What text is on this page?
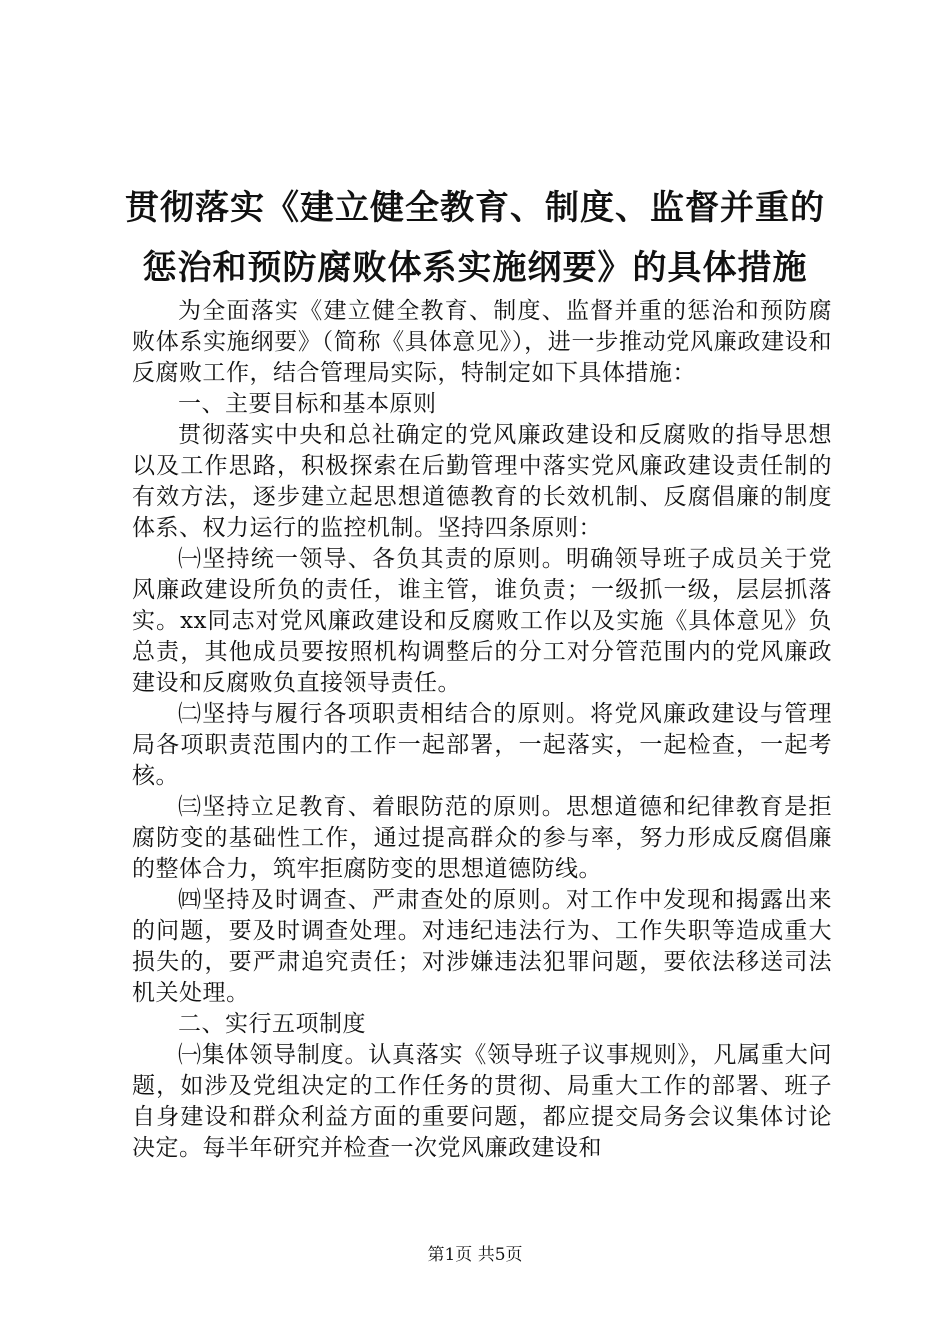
贯彻落实《建立健全教育、制度、监督并重的
惩治和预防腐败体系实施纲要》的具体措施

为全面落实《建立健全教育、制度、监督并重的惩治和预防腐败体系实施纲要》（简称《具体意见》），进一步推动党风廉政建设和反腐败工作，结合管理局实际，特制定如下具体措施：

一、主要目标和基本原则

贯彻落实中央和总社确定的党风廉政建设和反腐败的指导思想以及工作思路，积极探索在后勤管理中落实党风廉政建设责任制的有效方法，逐步建立起思想道德教育的长效机制、反腐倡廉的制度体系、权力运行的监控机制。坚持四条原则：

㈠坚持统一领导、各负其责的原则。明确领导班子成员关于党风廉政建设所负的责任，谁主管，谁负责；一级抓一级，层层抓落实。xx同志对党风廉政建设和反腐败工作以及实施《具体意见》负总责，其他成员要按照机构调整后的分工对分管范围内的党风廉政建设和反腐败负直接领导责任。

㈡坚持与履行各项职责相结合的原则。将党风廉政建设与管理局各项职责范围内的工作一起部署，一起落实，一起检查，一起考核。

㈢坚持立足教育、着眼防范的原则。思想道德和纪律教育是拒腐防变的基础性工作，通过提高群众的参与率，努力形成反腐倡廉的整体合力，筑牢拒腐防变的思想道德防线。

㈣坚持及时调查、严肃查处的原则。对工作中发现和揭露出来的问题，要及时调查处理。对违纪违法行为、工作失职等造成重大损失的，要严肃追究责任；对涉嫌违法犯罪问题，要依法移送司法机关处理。

二、实行五项制度

㈠集体领导制度。认真落实《领导班子议事规则》，凡属重大问题，如涉及党组决定的工作任务的贯彻、局重大工作的部署、班子自身建设和群众利益方面的重要问题，都应提交局务会议集体讨论决定。每半年研究并检查一次党风廉政建设和

第1页 共5页
